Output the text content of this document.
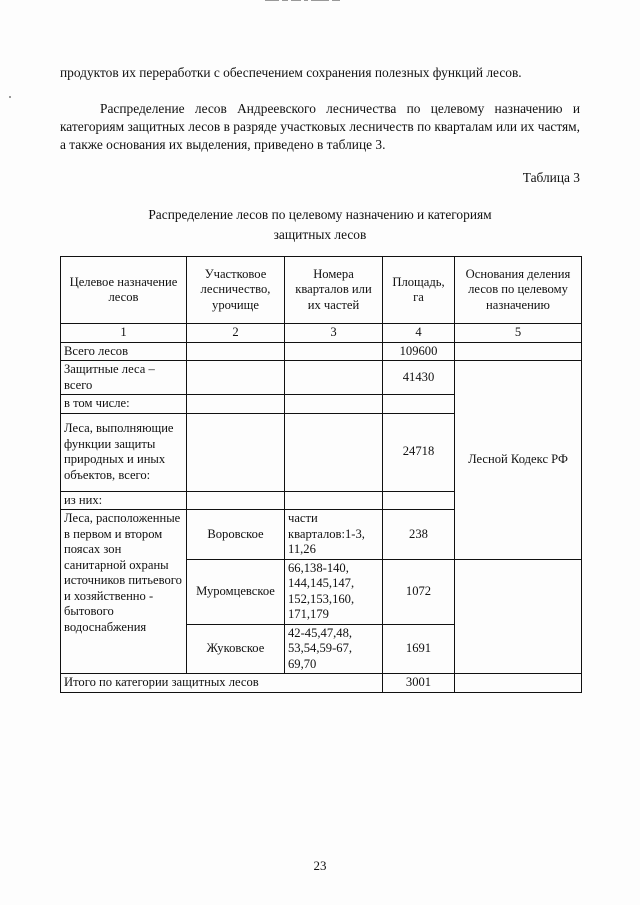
продуктов их переработки с обеспечением сохранения полезных функций лесов.

Распределение лесов Андреевского лесничества по целевому назначению и категориям защитных лесов в разряде участковых лесничеств по кварталам или их частям, а также основания их выделения, приведено в таблице 3.

Таблица 3
Распределение лесов по целевому назначению и категориям
защитных лесов
Целевое назначение лесов	Участковое лесничество, урочище	Номера кварталов или их частей	Площадь, га	Основания деления лесов по целевому назначению	
1	2	3	4	5	
Всего лесов			109600		
Защитные леса – всего			41430	Лесной Кодекс РФ	
в том числе:					
Леса, выполняющие функции защиты природных и иных объектов, всего:			24718		
из них:					
Леса, расположенные в первом и втором поясах зон санитарной охраны источников питьевого и хозяйственно - бытового водоснабжения	Воровское	части кварталов:1-3, 11,26	238	
	Муромцевское	66,138-140, 144,145,147, 152,153,160, 171,179	1072		
	Жуковское	42-45,47,48, 53,54,59-67, 69,70	1691		
Итого по категории защитных лесов			3001		
23
